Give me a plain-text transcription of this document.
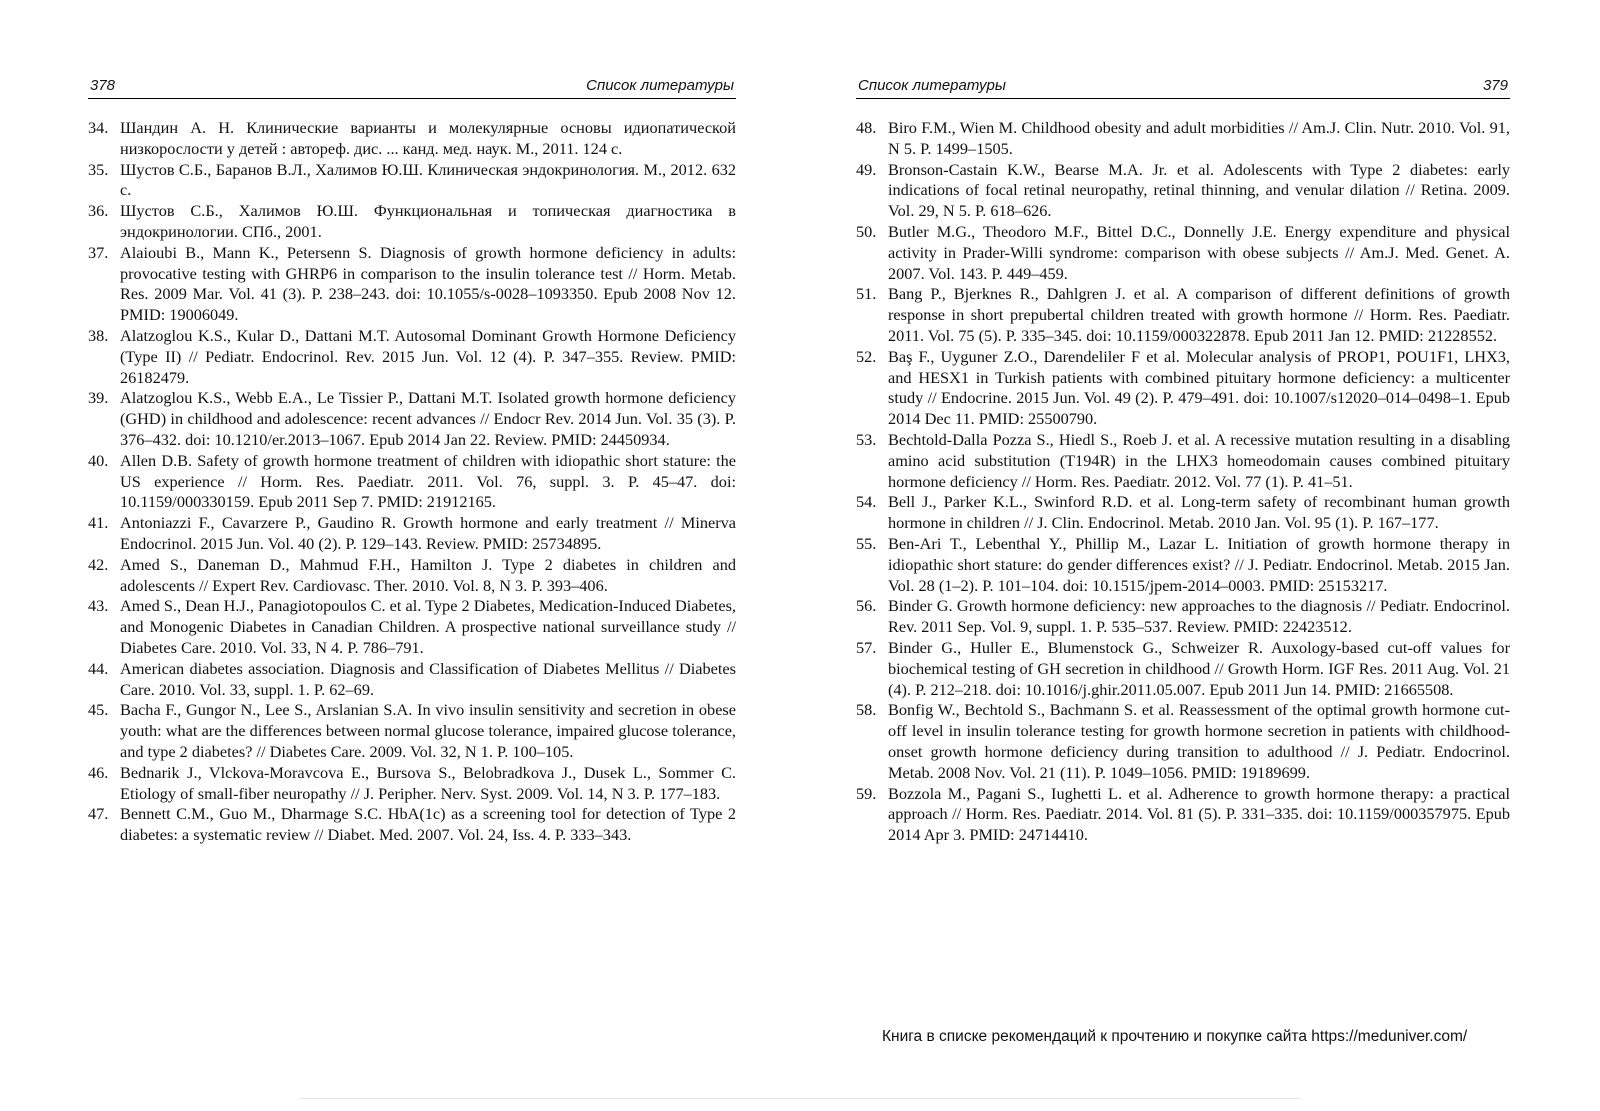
378	Список литературы
34. Шандин А. Н. Клинические варианты и молекулярные основы идиопатической низкорослости у детей : автореф. дис. ... канд. мед. наук. М., 2011. 124 с.
35. Шустов С.Б., Баранов В.Л., Халимов Ю.Ш. Клиническая эндокринология. М., 2012. 632 с.
36. Шустов С.Б., Халимов Ю.Ш. Функциональная и топическая диагностика в эндокринологии. СПб., 2001.
37. Alaioubi B., Mann K., Petersenn S. Diagnosis of growth hormone deficiency in adults: provocative testing with GHRP6 in comparison to the insulin tolerance test // Horm. Metab. Res. 2009 Mar. Vol. 41 (3). P. 238–243. doi: 10.1055/s-0028–1093350. Epub 2008 Nov 12. PMID: 19006049.
38. Alatzoglou K.S., Kular D., Dattani M.T. Autosomal Dominant Growth Hormone Deficiency (Type II) // Pediatr. Endocrinol. Rev. 2015 Jun. Vol. 12 (4). P. 347–355. Review. PMID: 26182479.
39. Alatzoglou K.S., Webb E.A., Le Tissier P., Dattani M.T. Isolated growth hormone deficiency (GHD) in childhood and adolescence: recent advances // Endocr Rev. 2014 Jun. Vol. 35 (3). P. 376–432. doi: 10.1210/er.2013–1067. Epub 2014 Jan 22. Review. PMID: 24450934.
40. Allen D.B. Safety of growth hormone treatment of children with idiopathic short stature: the US experience // Horm. Res. Paediatr. 2011. Vol. 76, suppl. 3. P. 45–47. doi: 10.1159/000330159. Epub 2011 Sep 7. PMID: 21912165.
41. Antoniazzi F., Cavarzere P., Gaudino R. Growth hormone and early treatment // Minerva Endocrinol. 2015 Jun. Vol. 40 (2). P. 129–143. Review. PMID: 25734895.
42. Amed S., Daneman D., Mahmud F.H., Hamilton J. Type 2 diabetes in children and adolescents // Expert Rev. Cardiovasc. Ther. 2010. Vol. 8, N 3. P. 393–406.
43. Amed S., Dean H.J., Panagiotopoulos C. et al. Type 2 Diabetes, Medication-Induced Diabetes, and Monogenic Diabetes in Canadian Children. A prospective national surveillance study // Diabetes Care. 2010. Vol. 33, N 4. P. 786–791.
44. American diabetes association. Diagnosis and Classification of Diabetes Mellitus // Diabetes Care. 2010. Vol. 33, suppl. 1. P. 62–69.
45. Bacha F., Gungor N., Lee S., Arslanian S.A. In vivo insulin sensitivity and secretion in obese youth: what are the differences between normal glucose tolerance, impaired glucose tolerance, and type 2 diabetes? // Diabetes Care. 2009. Vol. 32, N 1. P. 100–105.
46. Bednarik J., Vlckova-Moravcova E., Bursova S., Belobradkova J., Dusek L., Sommer C. Etiology of small-fiber neuropathy // J. Peripher. Nerv. Syst. 2009. Vol. 14, N 3. P. 177–183.
47. Bennett C.M., Guo M., Dharmage S.C. HbA(1c) as a screening tool for detection of Type 2 diabetes: a systematic review // Diabet. Med. 2007. Vol. 24, Iss. 4. P. 333–343.
Список литературы	379
48. Biro F.M., Wien M. Childhood obesity and adult morbidities // Am.J. Clin. Nutr. 2010. Vol. 91, N 5. P. 1499–1505.
49. Bronson-Castain K.W., Bearse M.A. Jr. et al. Adolescents with Type 2 diabetes: early indications of focal retinal neuropathy, retinal thinning, and venular dilation // Retina. 2009. Vol. 29, N 5. P. 618–626.
50. Butler M.G., Theodoro M.F., Bittel D.C., Donnelly J.E. Energy expenditure and physical activity in Prader-Willi syndrome: comparison with obese subjects // Am.J. Med. Genet. A. 2007. Vol. 143. P. 449–459.
51. Bang P., Bjerknes R., Dahlgren J. et al. A comparison of different definitions of growth response in short prepubertal children treated with growth hormone // Horm. Res. Paediatr. 2011. Vol. 75 (5). P. 335–345. doi: 10.1159/000322878. Epub 2011 Jan 12. PMID: 21228552.
52. Baş F., Uyguner Z.O., Darendeliler F et al. Molecular analysis of PROP1, POU1F1, LHX3, and HESX1 in Turkish patients with combined pituitary hormone deficiency: a multicenter study // Endocrine. 2015 Jun. Vol. 49 (2). P. 479–491. doi: 10.1007/s12020–014–0498–1. Epub 2014 Dec 11. PMID: 25500790.
53. Bechtold-Dalla Pozza S., Hiedl S., Roeb J. et al. A recessive mutation resulting in a disabling amino acid substitution (T194R) in the LHX3 homeodomain causes combined pituitary hormone deficiency // Horm. Res. Paediatr. 2012. Vol. 77 (1). P. 41–51.
54. Bell J., Parker K.L., Swinford R.D. et al. Long-term safety of recombinant human growth hormone in children // J. Clin. Endocrinol. Metab. 2010 Jan. Vol. 95 (1). P. 167–177.
55. Ben-Ari T., Lebenthal Y., Phillip M., Lazar L. Initiation of growth hormone therapy in idiopathic short stature: do gender differences exist? // J. Pediatr. Endocrinol. Metab. 2015 Jan. Vol. 28 (1–2). P. 101–104. doi: 10.1515/jpem-2014–0003. PMID: 25153217.
56. Binder G. Growth hormone deficiency: new approaches to the diagnosis // Pediatr. Endocrinol. Rev. 2011 Sep. Vol. 9, suppl. 1. P. 535–537. Review. PMID: 22423512.
57. Binder G., Huller E., Blumenstock G., Schweizer R. Auxology-based cut-off values for biochemical testing of GH secretion in childhood // Growth Horm. IGF Res. 2011 Aug. Vol. 21 (4). P. 212–218. doi: 10.1016/j.ghir.2011.05.007. Epub 2011 Jun 14. PMID: 21665508.
58. Bonfig W., Bechtold S., Bachmann S. et al. Reassessment of the optimal growth hormone cut-off level in insulin tolerance testing for growth hormone secretion in patients with childhood-onset growth hormone deficiency during transition to adulthood // J. Pediatr. Endocrinol. Metab. 2008 Nov. Vol. 21 (11). P. 1049–1056. PMID: 19189699.
59. Bozzola M., Pagani S., Iughetti L. et al. Adherence to growth hormone therapy: a practical approach // Horm. Res. Paediatr. 2014. Vol. 81 (5). P. 331–335. doi: 10.1159/000357975. Epub 2014 Apr 3. PMID: 24714410.
Книга в списке рекомендаций к прочтению и покупке сайта https://meduniver.com/
